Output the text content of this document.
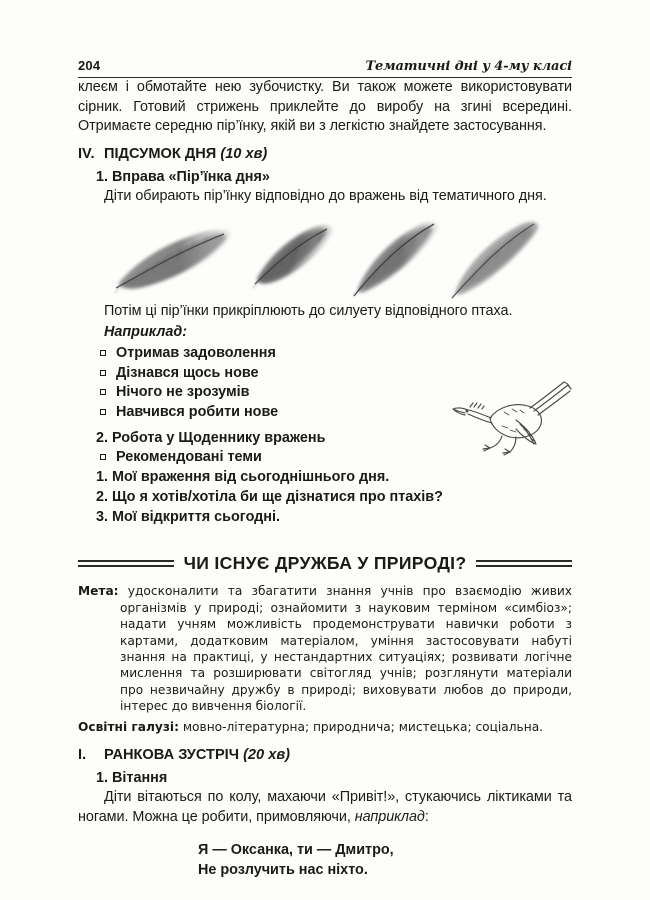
204	Тематичні дні у 4-му класі

клеєм і обмотайте нею зубочистку. Ви також можете використовувати сірник. Готовий стрижень приклейте до виробу на згині всередині. Отримаєте середню пір’їнку, якій ви з легкістю знайдете застосування.

IV. ПІДСУМОК ДНЯ (10 хв)
1. Вправа «Пір’їнка дня»

Діти обирають пір’їнку відповідно до вражень від тематичного дня.

Потім ці пір’їнки прикріплюють до силуету відповідного птаха.

Наприклад:

Отримав задоволення
Дізнався щось нове
Нічого не зрозумів
Навчився робити нове
2. Робота у Щоденнику вражень
Рекомендовані теми
1. Мої враження від сьогоднішнього дня.
2. Що я хотів/хотіла би ще дізнатися про птахів?
3. Мої відкриття сьогодні.
ЧИ ІСНУЄ ДРУЖБА У ПРИРОДІ?
Мета: удосконалити та збагатити знання учнів про взаємодію живих організмів у природі; ознайомити з науковим терміном «симбіоз»; надати учням можливість продемонструвати навички роботи з картами, додатковим матеріалом, уміння застосовувати набуті знання на практиці, у нестандартних ситуаціях; розвивати логічне мислення та розширювати світогляд учнів; розглянути матеріали про незвичайну дружбу в природі; виховувати любов до природи, інтерес до вивчення біології.
Освітні галузі: мовно-літературна; природнича; мистецька; соціальна.
I.	РАНКОВА ЗУСТРІЧ (20 хв)
1. Вітання

Діти вітаються по колу, махаючи «Привіт!», стукаючись ліктиками та ногами. Можна це робити, примовляючи, наприклад:

Я — Оксанка, ти — Дмитро,
Не розлучить нас ніхто.
